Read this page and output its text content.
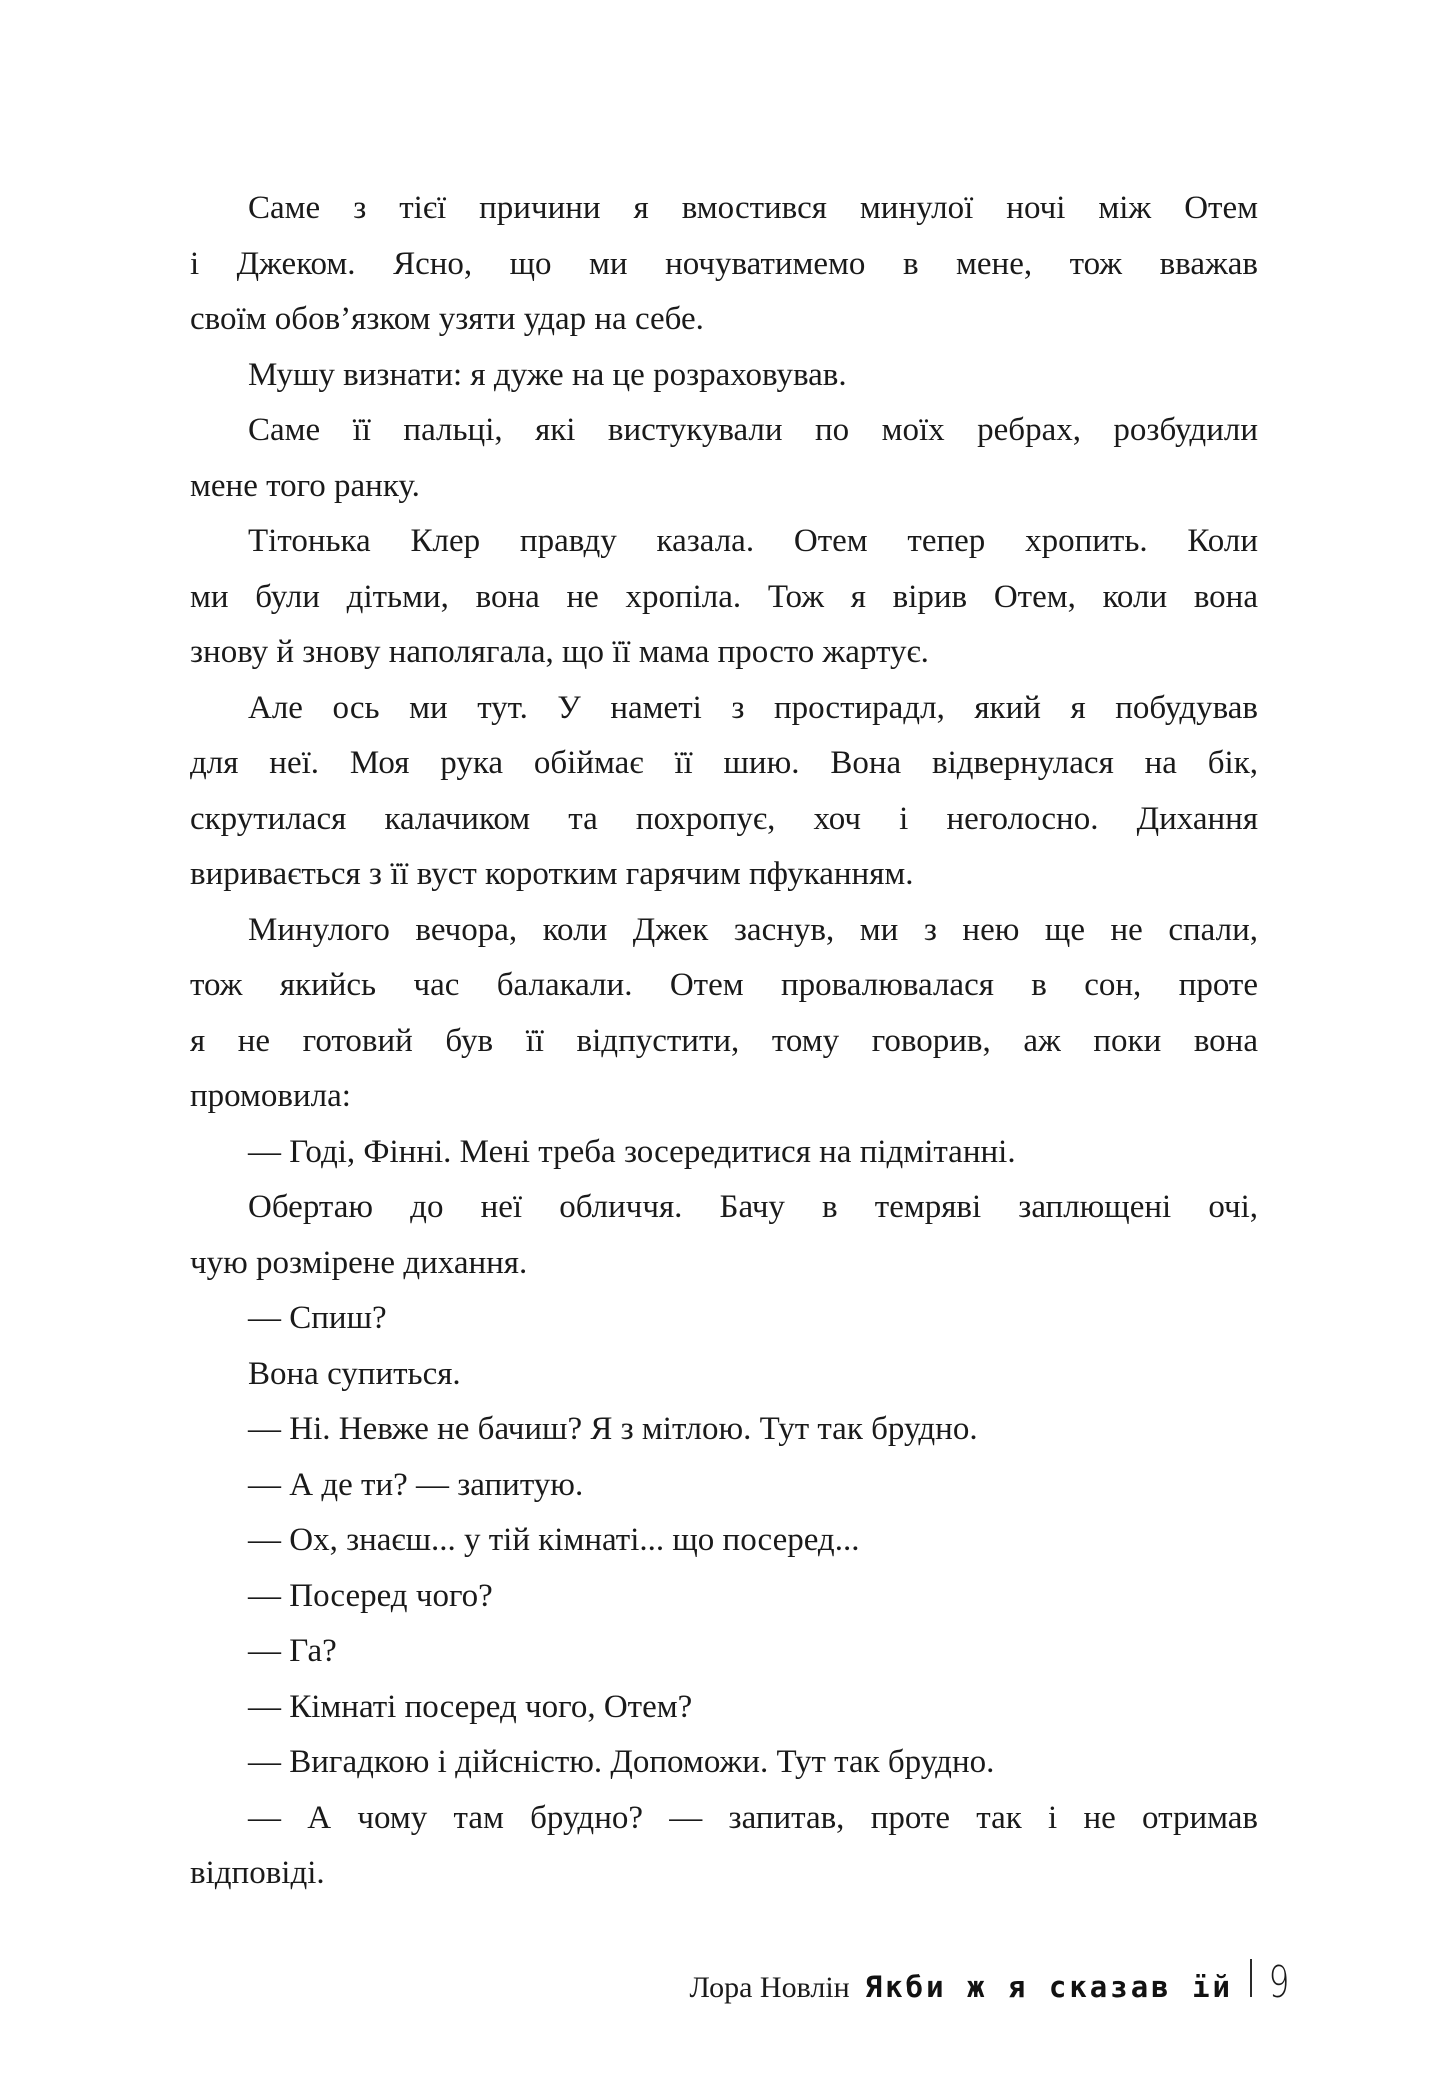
Саме з тієї причини я вмостився минулої ночі між Отем
і Джеком. Ясно, що ми ночуватимемо в мене, тож вважав
своїм обов’язком узяти удар на себе.
Мушу визнати: я дуже на це розраховував.
Саме її пальці, які вистукували по моїх ребрах, розбудили
мене того ранку.
Тітонька Клер правду казала. Отем тепер хропить. Коли
ми були дітьми, вона не хропіла. Тож я вірив Отем, коли вона
знову й знову наполягала, що її мама просто жартує.
Але ось ми тут. У наметі з простирадл, який я побудував
для неї. Моя рука обіймає її шию. Вона відвернулася на бік,
скрутилася калачиком та похропує, хоч і неголосно. Дихання
виривається з її вуст коротким гарячим пфуканням.
Минулого вечора, коли Джек заснув, ми з нею ще не спали,
тож якийсь час балакали. Отем провалювалася в сон, проте
я не готовий був її відпустити, тому говорив, аж поки вона
промовила:
— Годі, Фінні. Мені треба зосередитися на підмітанні.
Обертаю до неї обличчя. Бачу в темряві заплющені очі,
чую розмірене дихання.
— Спиш?
Вона супиться.
— Ні. Невже не бачиш? Я з мітлою. Тут так брудно.
— А де ти? — запитую.
— Ох, знаєш... у тій кімнаті... що посеред...
— Посеред чого?
— Га?
— Кімнаті посеред чого, Отем?
— Вигадкою і дійсністю. Допоможи. Тут так брудно.
— А чому там брудно? — запитав, проте так і не отримав
відповіді.
Лора Новлін Якби ж я сказав їй 9
